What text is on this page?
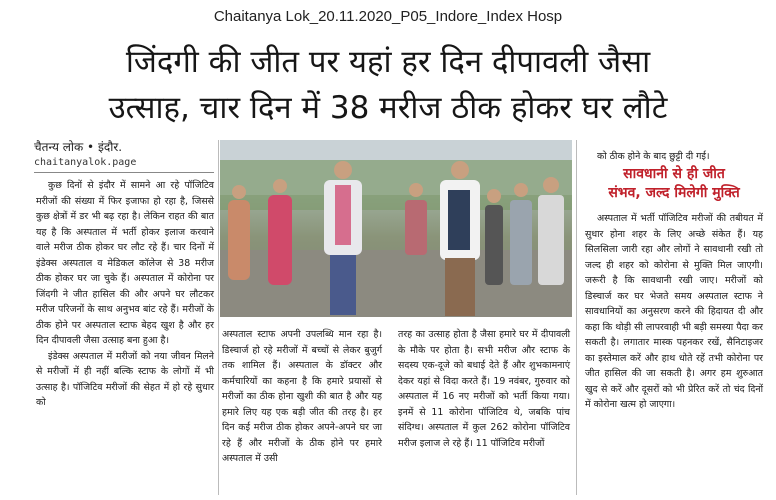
Chaitanya Lok_20.11.2020_P05_Indore_Index Hosp
जिंदगी की जीत पर यहां हर दिन दीपावली जैसा
उत्साह, चार दिन में 38 मरीज ठीक होकर घर लौटे
चैतन्य लोक • इंदौर.
chaitanyalok.page

कुछ दिनों से इंदौर में सामने आ रहे पॉजिटिव मरीजों की संख्या में फिर इजाफा हो रहा है, जिससे कुछ क्षेत्रों में डर भी बढ़ रहा है। लेकिन राहत की बात यह है कि अस्पताल में भर्ती होकर इलाज करवाने वाले मरीज ठीक होकर घर लौट रहे हैं। चार दिनों में इंडेक्स अस्पताल व मेडिकल कॉलेज से 38 मरीज ठीक होकर घर जा चुके हैं। अस्पताल में कोरोना पर जिंदगी ने जीत हासिल की और अपने घर लौटकर मरीज परिजनों के साथ अनुभव बांट रहे हैं। मरीजों के ठीक होने पर अस्पताल स्टाफ बेहद खुश है और हर दिन दीपावली जैसा उत्साह बना हुआ है।

इंडेक्स अस्पताल में मरीजों को नया जीवन मिलने से मरीजों में ही नहीं बल्कि स्टाफ के लोगों में भी उत्साह है। पॉजिटिव मरीजों की सेहत में हो रहे सुधार को

अस्पताल स्टाफ अपनी उपलब्धि मान रहा है। डिस्चार्ज हो रहे मरीजों में बच्चों से लेकर बुजुर्ग तक शामिल हैं। अस्पताल के डॉक्टर और कर्मचारियों का कहना है कि हमारे प्रयासों से मरीजों का ठीक होना खुशी की बात है और यह हमारे लिए यह एक बड़ी जीत की तरह है। हर दिन कई मरीज ठीक होकर अपने-अपने घर जा रहे हैं और मरीजों के ठीक होने पर हमारे अस्पताल में उसी

तरह का उत्साह होता है जैसा हमारे घर में दीपावली के मौके पर होता है। सभी मरीज और स्टाफ के सदस्य एक-दूजे को बधाई देते हैं और शुभकामनाएं देकर यहां से विदा करते हैं। 19 नवंबर, गुरुवार को अस्पताल में 16 नए मरीजों को भर्ती किया गया। इनमें से 11 कोरोना पॉजिटिव थे, जबकि पांच संदिग्ध। अस्पताल में कुल 262 कोरोना पॉजिटिव मरीज इलाज ले रहे हैं। 11 पॉजिटिव मरीजों

को ठीक होने के बाद छुट्टी दी गई।

सावधानी से ही जीत
संभव, जल्द मिलेगी मुक्ति

अस्पताल में भर्ती पॉजिटिव मरीजों की तबीयत में सुधार होना शहर के लिए अच्छे संकेत हैं। यह सिलसिला जारी रहा और लोगों ने सावधानी रखी तो जल्द ही शहर को कोरोना से मुक्ति मिल जाएगी। जरूरी है कि सावधानी रखी जाए। मरीजों को डिस्चार्ज कर घर भेजते समय अस्पताल स्टाफ ने सावधानियों का अनुसरण करने की हिदायत दी और कहा कि थोड़ी सी लापरवाही भी बड़ी समस्या पैदा कर सकती है। लगातार मास्क पहनकर रखें, सैनिटाइजर का इस्तेमाल करें और हाथ धोते रहें तभी कोरोना पर जीत हासिल की जा सकती है। अगर हम शुरुआत खुद से करें और दूसरों को भी प्रेरित करें तो चंद दिनों में कोरोना खत्म हो जाएगा।
